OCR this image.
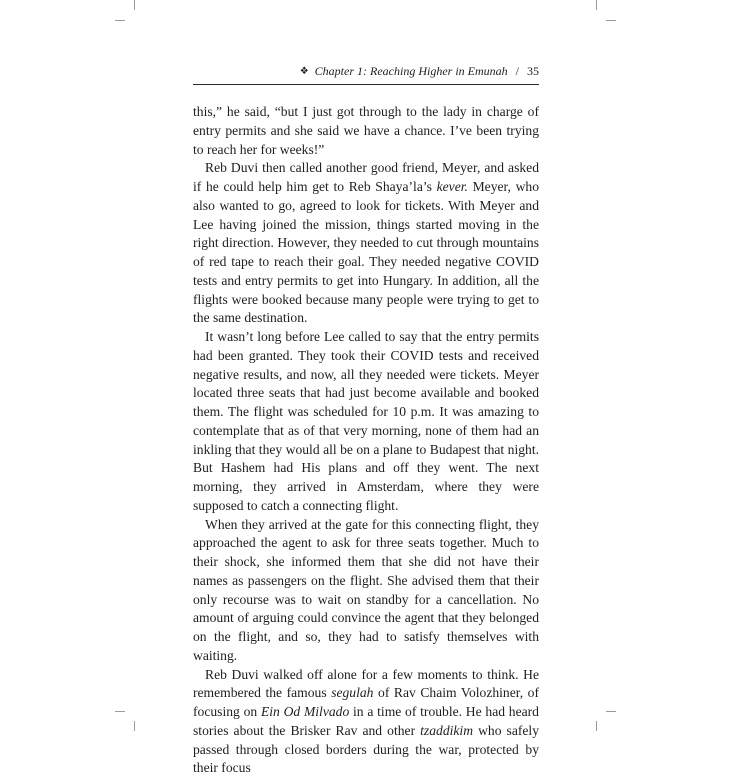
❖ Chapter 1: Reaching Higher in Emunah / 35

this,” he said, “but I just got through to the lady in charge of entry permits and she said we have a chance. I’ve been trying to reach her for weeks!”

Reb Duvi then called another good friend, Meyer, and asked if he could help him get to Reb Shaya’la’s kever. Meyer, who also wanted to go, agreed to look for tickets. With Meyer and Lee having joined the mission, things started moving in the right direction. However, they needed to cut through mountains of red tape to reach their goal. They needed negative COVID tests and entry permits to get into Hungary. In addition, all the flights were booked because many people were trying to get to the same destination.

It wasn’t long before Lee called to say that the entry permits had been granted. They took their COVID tests and received negative results, and now, all they needed were tickets. Meyer located three seats that had just become available and booked them. The flight was scheduled for 10 p.m. It was amazing to contemplate that as of that very morning, none of them had an inkling that they would all be on a plane to Budapest that night. But Hashem had His plans and off they went. The next morning, they arrived in Amsterdam, where they were supposed to catch a connecting flight.

When they arrived at the gate for this connecting flight, they approached the agent to ask for three seats together. Much to their shock, she informed them that she did not have their names as passengers on the flight. She advised them that their only recourse was to wait on standby for a cancellation. No amount of arguing could convince the agent that they belonged on the flight, and so, they had to satisfy themselves with waiting.

Reb Duvi walked off alone for a few moments to think. He remembered the famous segulah of Rav Chaim Volozhiner, of focusing on Ein Od Milvado in a time of trouble. He had heard stories about the Brisker Rav and other tzaddikim who safely passed through closed borders during the war, protected by their focus
